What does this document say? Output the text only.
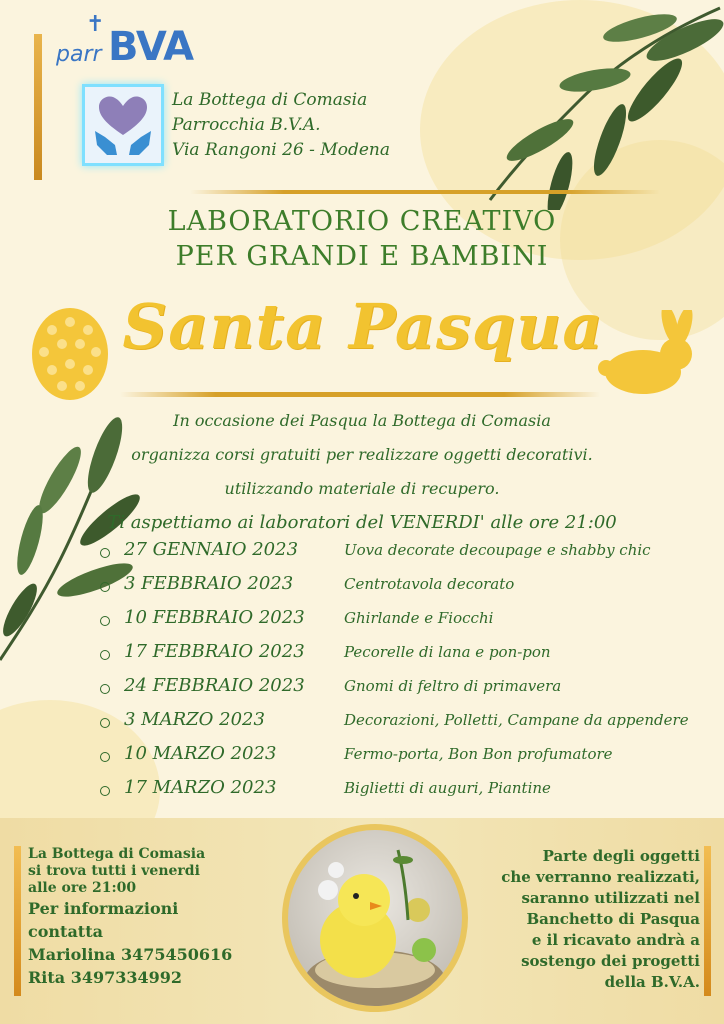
✝
parr BVA
La Bottega di Comasia
Parrocchia B.V.A.
Via Rangoni 26 - Modena
LABORATORIO CREATIVO
PER GRANDI E BAMBINI
Santa Pasqua
In occasione dei Pasqua la Bottega di Comasia
organizza corsi gratuiti per realizzare oggetti decorativi.
utilizzando materiale di recupero.
Ti aspettiamo ai laboratori del VENERDI' alle ore 21:00
27 GENNAIO 2023	Uova decorate decoupage e shabby chic
3 FEBBRAIO 2023	Centrotavola decorato
10 FEBBRAIO 2023	Ghirlande e Fiocchi
17 FEBBRAIO 2023	Pecorelle di lana e pon-pon
24 FEBBRAIO 2023	Gnomi di feltro di primavera
3 MARZO 2023	Decorazioni, Polletti, Campane da appendere
10 MARZO 2023	Fermo-porta, Bon Bon profumatore
17 MARZO 2023	Biglietti di auguri, Piantine
La Bottega di Comasia
si trova tutti i venerdi
alle ore 21:00
Per informazioni
contatta
Mariolina 3475450616
Rita 3497334992
Parte degli oggetti
che verranno realizzati,
saranno utilizzati nel
Banchetto di Pasqua
e il ricavato andrà a
sostengo dei progetti
della B.V.A.
